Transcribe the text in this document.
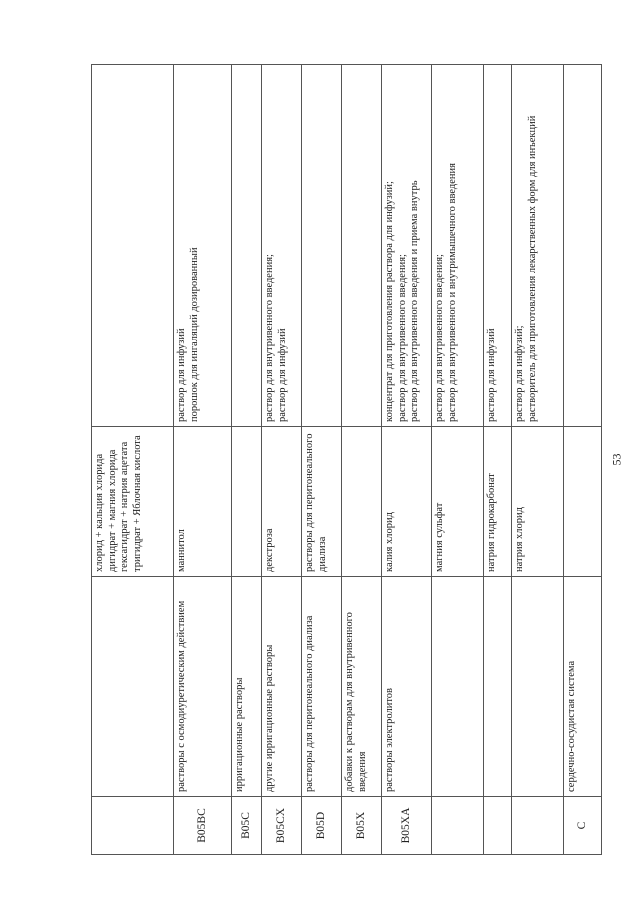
		хлорид + кальция хлорида дигидрат + магния хлорида гексагидрат + натрия ацетата тригидрат + Яблочная кислота	
B05BC	растворы с осмодиуретическим действием	маннитол	раствор для инфузий порошок для ингаляций дозированный

B05C	ирригационные растворы		
B05CX	другие ирригационные растворы	декстроза	раствор для внутривенного введения; раствор для инфузий

B05D	растворы для перитонеального диализа	растворы для перитонеального диализа	
B05X	добавки к растворам для внутривенного введения		
B05XA	растворы электролитов	калия хлорид	концентрат для приготовления раствора для инфузий; раствор для внутривенного введения; раствор для внутривенного введения и приема внутрь

		магния сульфат	раствор для внутривенного введения; раствор для внутривенного и внутримышечного введения

		натрия гидрокарбонат	раствор для инфузий

		натрия хлорид	раствор для инфузий; растворитель для приготовления лекарственных форм для инъекций

C	сердечно-сосудистая система		
53
